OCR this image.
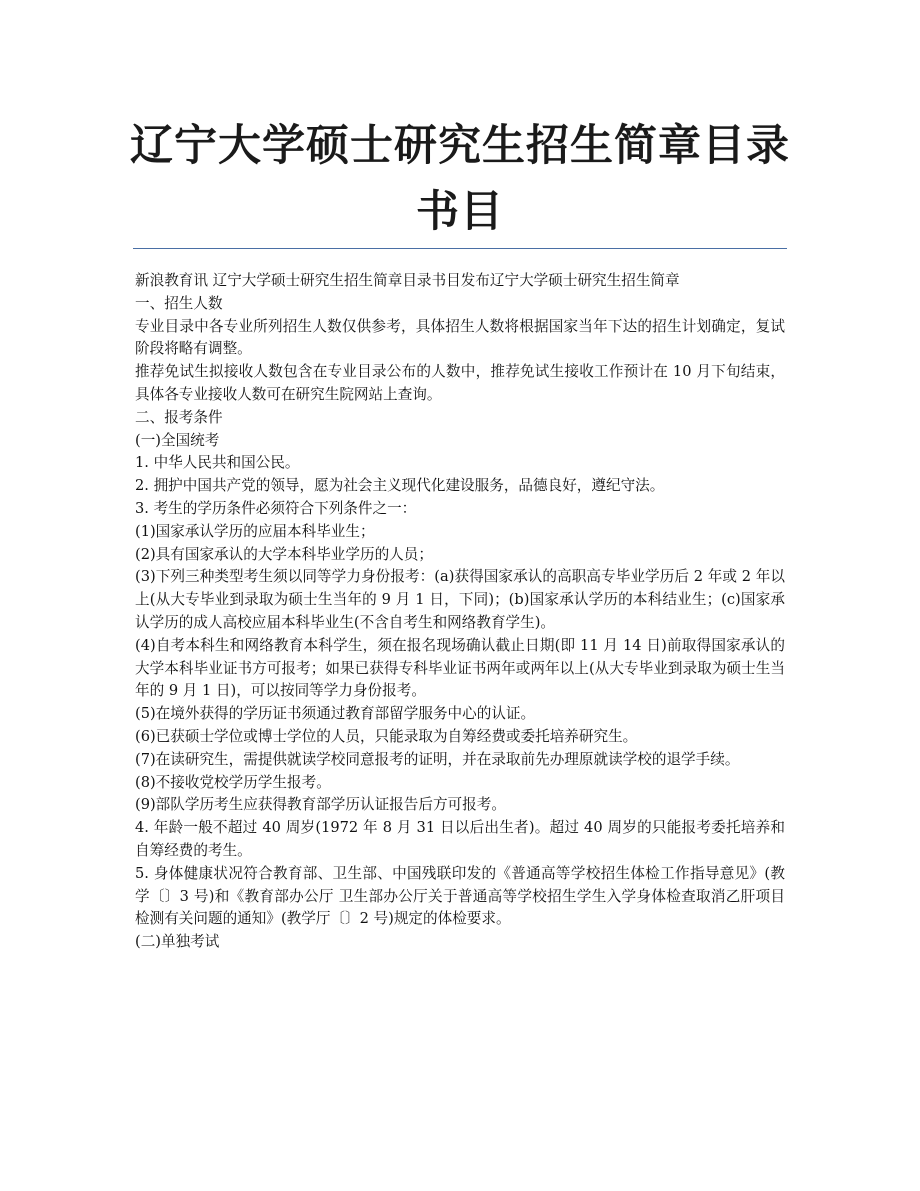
辽宁大学硕士研究生招生简章目录书目

新浪教育讯 辽宁大学硕士研究生招生简章目录书目发布辽宁大学硕士研究生招生简章

一、招生人数

专业目录中各专业所列招生人数仅供参考，具体招生人数将根据国家当年下达的招生计划确定，复试阶段将略有调整。

推荐免试生拟接收人数包含在专业目录公布的人数中，推荐免试生接收工作预计在 10 月下旬结束，具体各专业接收人数可在研究生院网站上查询。

二、报考条件

(一)全国统考

1. 中华人民共和国公民。

2. 拥护中国共产党的领导，愿为社会主义现代化建设服务，品德良好，遵纪守法。

3. 考生的学历条件必须符合下列条件之一：

(1)国家承认学历的应届本科毕业生；

(2)具有国家承认的大学本科毕业学历的人员；

(3)下列三种类型考生须以同等学力身份报考：(a)获得国家承认的高职高专毕业学历后 2 年或 2 年以上(从大专毕业到录取为硕士生当年的 9 月 1 日，下同)；(b)国家承认学历的本科结业生；(c)国家承认学历的成人高校应届本科毕业生(不含自考生和网络教育学生)。

(4)自考本科生和网络教育本科学生，须在报名现场确认截止日期(即 11 月 14 日)前取得国家承认的大学本科毕业证书方可报考；如果已获得专科毕业证书两年或两年以上(从大专毕业到录取为硕士生当年的 9 月 1 日)，可以按同等学力身份报考。

(5)在境外获得的学历证书须通过教育部留学服务中心的认证。

(6)已获硕士学位或博士学位的人员，只能录取为自筹经费或委托培养研究生。

(7)在读研究生，需提供就读学校同意报考的证明，并在录取前先办理原就读学校的退学手续。

(8)不接收党校学历学生报考。

(9)部队学历考生应获得教育部学历认证报告后方可报考。

4. 年龄一般不超过 40 周岁(1972 年 8 月 31 日以后出生者)。超过 40 周岁的只能报考委托培养和自筹经费的考生。

5. 身体健康状况符合教育部、卫生部、中国残联印发的《普通高等学校招生体检工作指导意见》(教学〔〕3 号)和《教育部办公厅 卫生部办公厅关于普通高等学校招生学生入学身体检查取消乙肝项目检测有关问题的通知》(教学厅〔〕2 号)规定的体检要求。

(二)单独考试
